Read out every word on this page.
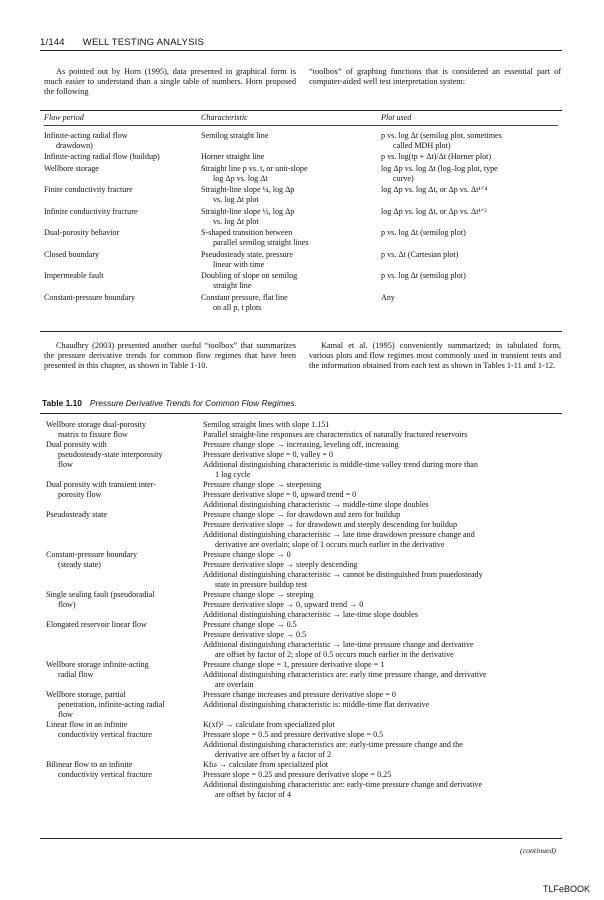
1/144 WELL TESTING ANALYSIS
As pointed out by Horn (1995), data presented in graphical form is much easier to understand than a single table of numbers. Horn proposed the following
“toolbox” of graphing functions that is considered an essential part of computer-aided well test interpretation system:
Flow period	Characteristic	Plot used

Infinite-acting radial flow
drawdown)	Semilog straight line	p vs. log Δt (semilog plot, sometimes
called MDH plot)

Infinite-acting radial flow (buildup)	Horner straight line	p vs. log(tp + Δt)/Δt (Horner plot)

Wellbore storage	Straight line p vs. t, or unit-slope
log Δp vs. log Δt	log Δp vs. log Δt (log–log plot, type
curve)

Finite conductivity fracture	Straight-line slope ¼, log Δp
vs. log Δt plot	log Δp vs. log Δt, or Δp vs. Δt¹ᐟ⁴

Infinite conductivity fracture	Straight-line slope ½, log Δp
vs. log Δt plot	log Δp vs. log Δt, or Δp vs. Δt¹ᐟ²

Dual-porosity behavior	S-shaped transition between
parallel semilog straight lines	p vs. log Δt (semilog plot)

Closed boundary	Pseudosteady state, pressure
linear with time	p vs. Δt (Cartesian plot)

Impermeable fault	Doubling of slope on semilog
straight line	p vs. log Δt (semilog plot)

Constant-pressure boundary	Constant pressure, flat line
on all p, t plots	Any
Chaudhry (2003) presented another useful “toolbox” that summarizes the pressure derivative trends for common flow regimes that have been presented in this chapter, as shown in Table 1-10.
Kamal et al. (1995) conveniently summarized; in tabulated form, various plots and flow regimes most commonly used in transient tests and the information obtained from each test as shown in Tables 1-11 and 1-12.
Table 1.10 Pressure Derivative Trends for Common Flow Regimes.
Wellbore storage dual-porosity
matrix to fissure flow	Semilog straight lines with slope 1.151
Parallel straight-line responses are characteristics of naturally fractured reservoirs

Dual porosity with
pseudosteady-state interporosity
flow	Pressure change slope → increasing, leveling off, increasing
Pressure derivative slope = 0, valley = 0
Additional distinguishing characteristic is middle-time valley trend during more than
1 log cycle

Dual porosity with transient inter-
porosity flow	Pressure change slope → steepening
Pressure derivative slope = 0, upward trend = 0
Additional distinguishing characteristic → middle-time slope doubles

Pseudosteady state	Pressure change slope → for drawdown and zero for buildup
Pressure derivative slope → for drawdown and steeply descending for buildup
Additional distinguishing characteristic → late time drawdown pressure change and
derivative are overlain; slope of 1 occurs much earlier in the derivative

Constant-pressure boundary
(steady state)	Pressure change slope → 0
Pressure derivative slope → steeply descending
Additional distinguishing characteristic → cannot be distinguished from psuedosteady
state in pressure buildup test

Single sealing fault (pseudoradial
flow)	Pressure change slope → steeping
Pressure derivative slope → 0, upward trend → 0
Additional distinguishing characteristic → late-time slope doubles

Elongated reservoir linear flow	Pressure change slope → 0.5
Pressure derivative slope → 0.5
Additional distinguishing characteristic → late-time pressure change and derivative
are offset by factor of 2; slope of 0.5 occurs much earlier in the derivative

Wellbore storage infinite-acting
radial flow	Pressure change slope = 1, pressure derivative slope = 1
Additional distinguishing characteristics are: early time pressure change, and derivative
are overlain

Wellbore storage, partial
penetration, infinite-acting radial
flow	Pressure change increases and pressure derivative slope = 0
Additional distinguishing characteristic is: middle-time flat derivative

Linear flow in an infinite
conductivity vertical fracture	K(xf)² → calculate from specialized plot
Pressure slope = 0.5 and pressure derivative slope = 0.5
Additional distinguishing characteristics are: early-time pressure change and the
derivative are offset by a factor of 2

Bilinear flow to an infinite
conductivity vertical fracture	Kfω → calculate from specialized plot
Pressure slope = 0.25 and pressure derivative slope = 0.25
Additional distinguishing characteristic are: early-time pressure change and derivative
are offset by factor of 4
(continued)
TLFeBOOK
